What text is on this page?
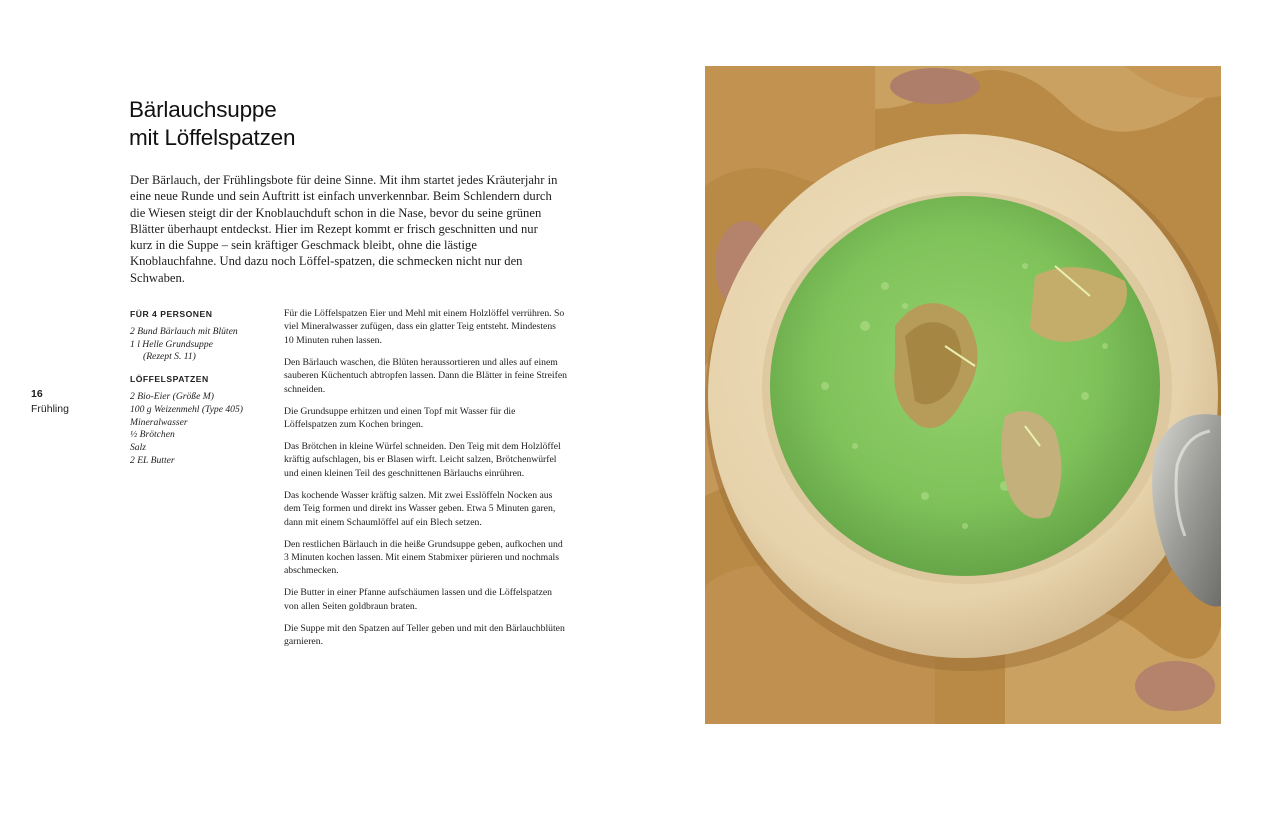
Bärlauchsuppe
mit Löffelspatzen

Der Bärlauch, der Frühlingsbote für deine Sinne. Mit ihm startet jedes Kräuterjahr in eine neue Runde und sein Auftritt ist einfach unverkennbar. Beim Schlendern durch die Wiesen steigt dir der Knoblauchduft schon in die Nase, bevor du seine grünen Blätter überhaupt entdeckst. Hier im Rezept kommt er frisch geschnitten und nur kurz in die Suppe – sein kräftiger Geschmack bleibt, ohne die lästige Knoblauchfahne. Und dazu noch Löffel-spatzen, die schmecken nicht nur den Schwaben.

16
Frühling
FÜR 4 PERSONEN
2 Bund Bärlauch mit Blüten
1 l Helle Grundsuppe
(Rezept S. 11)
LÖFFELSPATZEN
2 Bio-Eier (Größe M)
100 g Weizenmehl (Type 405)
Mineralwasser
½ Brötchen
Salz
2 EL Butter

Für die Löffelspatzen Eier und Mehl mit einem Holzlöffel verrühren. So viel Mineralwasser zufügen, dass ein glatter Teig entsteht. Mindestens 10 Minuten ruhen lassen.

Den Bärlauch waschen, die Blüten heraussortieren und alles auf einem sauberen Küchentuch abtropfen lassen. Dann die Blätter in feine Streifen schneiden.

Die Grundsuppe erhitzen und einen Topf mit Wasser für die Löffelspatzen zum Kochen bringen.

Das Brötchen in kleine Würfel schneiden. Den Teig mit dem Holzlöffel kräftig aufschlagen, bis er Blasen wirft. Leicht salzen, Brötchenwürfel und einen kleinen Teil des geschnittenen Bärlauchs einrühren.

Das kochende Wasser kräftig salzen. Mit zwei Esslöffeln Nocken aus dem Teig formen und direkt ins Wasser geben. Etwa 5 Minuten garen, dann mit einem Schaumlöffel auf ein Blech setzen.

Den restlichen Bärlauch in die heiße Grundsuppe geben, aufkochen und 3 Minuten kochen lassen. Mit einem Stabmixer pürieren und nochmals abschmecken.

Die Butter in einer Pfanne aufschäumen lassen und die Löffelspatzen von allen Seiten goldbraun braten.

Die Suppe mit den Spatzen auf Teller geben und mit den Bärlauchblüten garnieren.
